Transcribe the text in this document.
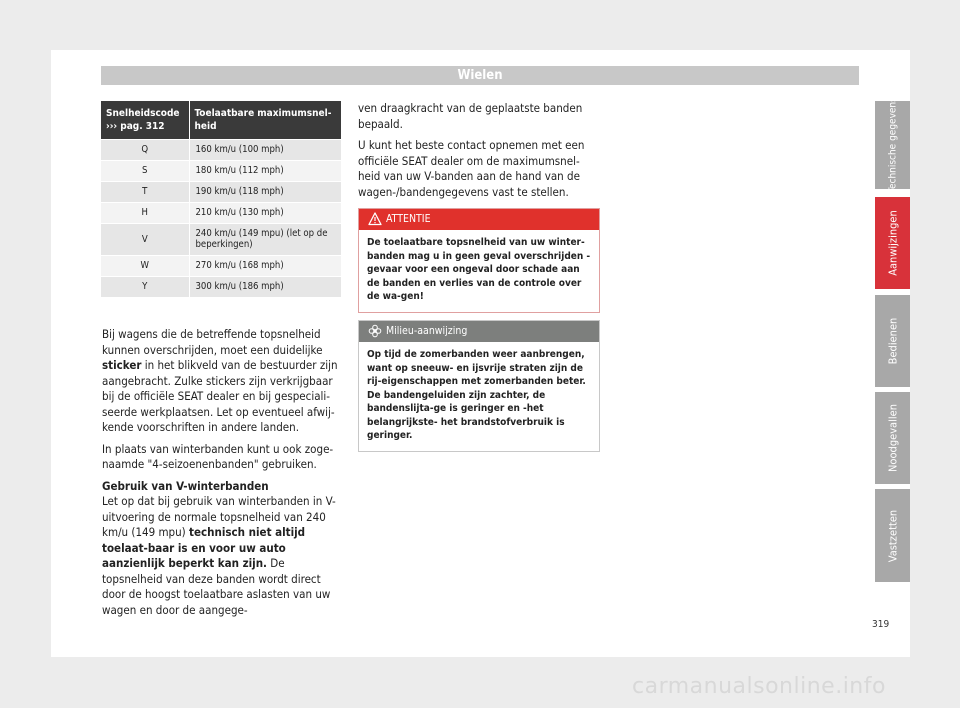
Wielen
Snelheidscode ››› pag. 312	Toelaatbare maximumsnel-heid
Q	160 km/u (100 mph)
S	180 km/u (112 mph)
T	190 km/u (118 mph)
H	210 km/u (130 mph)
V	240 km/u (149 mpu) (let op de beperkingen)
W	270 km/u (168 mph)
Y	300 km/u (186 mph)

Bij wagens die de betreffende topsnelheid kunnen overschrijden, moet een duidelijke sticker in het blikveld van de bestuurder zijn aangebracht. Zulke stickers zijn verkrijgbaar bij de officiële SEAT dealer en bij gespeciali-seerde werkplaatsen. Let op eventueel afwij-kende voorschriften in andere landen.

In plaats van winterbanden kunt u ook zoge-naamde "4-seizoenenbanden" gebruiken.

Gebruik van V-winterbanden

Let op dat bij gebruik van winterbanden in V-uitvoering de normale topsnelheid van 240 km/u (149 mpu) technisch niet altijd toelaat-baar is en voor uw auto aanzienlijk beperkt kan zijn. De topsnelheid van deze banden wordt direct door de hoogst toelaatbare aslasten van uw wagen en door de aangege-

ven draagkracht van de geplaatste banden bepaald.

U kunt het beste contact opnemen met een officiële SEAT dealer om de maximumsnel-heid van uw V-banden aan de hand van de wagen-/bandengegevens vast te stellen.

ATTENTIE
De toelaatbare topsnelheid van uw winter-banden mag u in geen geval overschrijden - gevaar voor een ongeval door schade aan de banden en verlies van de controle over de wa-gen!
Milieu-aanwijzing
Op tijd de zomerbanden weer aanbrengen, want op sneeuw- en ijsvrije straten zijn de rij-eigenschappen met zomerbanden beter. De bandengeluiden zijn zachter, de bandenslijta-ge is geringer en -het belangrijkste- het brandstofverbruik is geringer.
Technische gegevens
Aanwijzingen
Bedienen
Noodgevallen
Vastzetten
319
carmanualsonline.info
